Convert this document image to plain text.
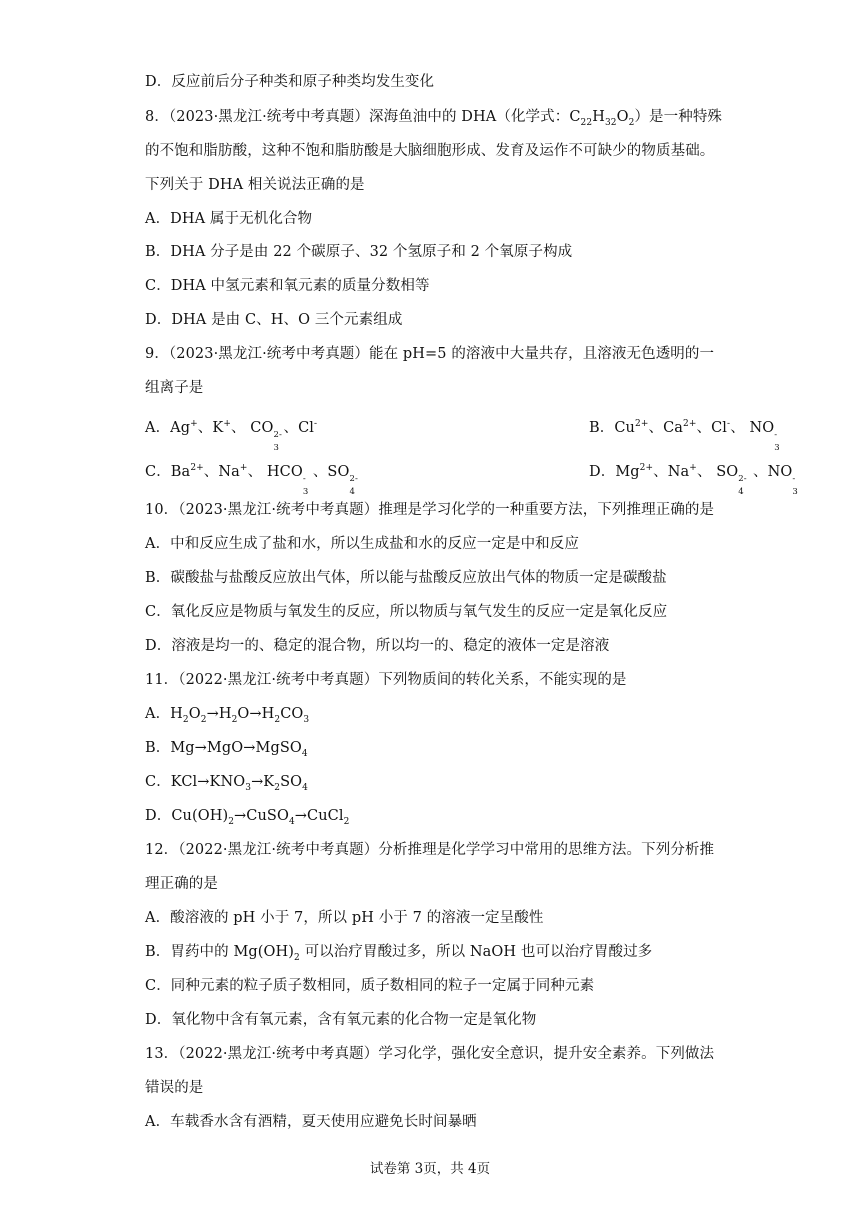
D．反应前后分子种类和原子种类均发生变化
8．（2023·黑龙江·统考中考真题）深海鱼油中的 DHA（化学式：$C_{22}H_{32}O_2$）是一种特殊
的不饱和脂肪酸，这种不饱和脂肪酸是大脑细胞形成、发育及运作不可缺少的物质基础。
下列关于 DHA 相关说法正确的是
A．DHA 属于无机化合物
B．DHA 分子是由 22 个碳原子、32 个氢原子和 2 个氧原子构成
C．DHA 中氢元素和氧元素的质量分数相等
D．DHA 是由 C、H、O 三个元素组成
9．（2023·黑龙江·统考中考真题）能在 pH=5 的溶液中大量共存，且溶液无色透明的一
组离子是
A．Ag+、K+、 CO 2-
3
、Cl-	B．$Cu^{2+}$、$Ca^{2+}$、Cl-、 NO -
3
C．$Ba^{2+}$、Na+、 HCO -
3
、SO 2-
4
D．$Mg^{2+}$、Na+、 SO 2-
4
、NO -
3
10．（2023·黑龙江·统考中考真题）推理是学习化学的一种重要方法，下列推理正确的是
A．中和反应生成了盐和水，所以生成盐和水的反应一定是中和反应
B．碳酸盐与盐酸反应放出气体，所以能与盐酸反应放出气体的物质一定是碳酸盐
C．氧化反应是物质与氧发生的反应，所以物质与氧气发生的反应一定是氧化反应
D．溶液是均一的、稳定的混合物，所以均一的、稳定的液体一定是溶液
11．（2022·黑龙江·统考中考真题）下列物质间的转化关系，不能实现的是
A．$H_2O_2\to H_2O\to H_2CO_3$
B．Mg→MgO→MgSO$_4$
C．$KCl\to KNO_3\to K_2SO_4$
D．$Cu(OH)_2\to CuSO_4\to CuCl_2$
12．（2022·黑龙江·统考中考真题）分析推理是化学学习中常用的思维方法。下列分析推
理正确的是
A．酸溶液的 pH 小于 7，所以 pH 小于 7 的溶液一定呈酸性
B．胃药中的 $Mg(OH)_2$ 可以治疗胃酸过多，所以 NaOH 也可以治疗胃酸过多
C．同种元素的粒子质子数相同，质子数相同的粒子一定属于同种元素
D．氧化物中含有氧元素，含有氧元素的化合物一定是氧化物
13．（2022·黑龙江·统考中考真题）学习化学，强化安全意识，提升安全素养。下列做法
错误的是
A．车载香水含有酒精，夏天使用应避免长时间暴晒
试卷第 3页，共 4页
